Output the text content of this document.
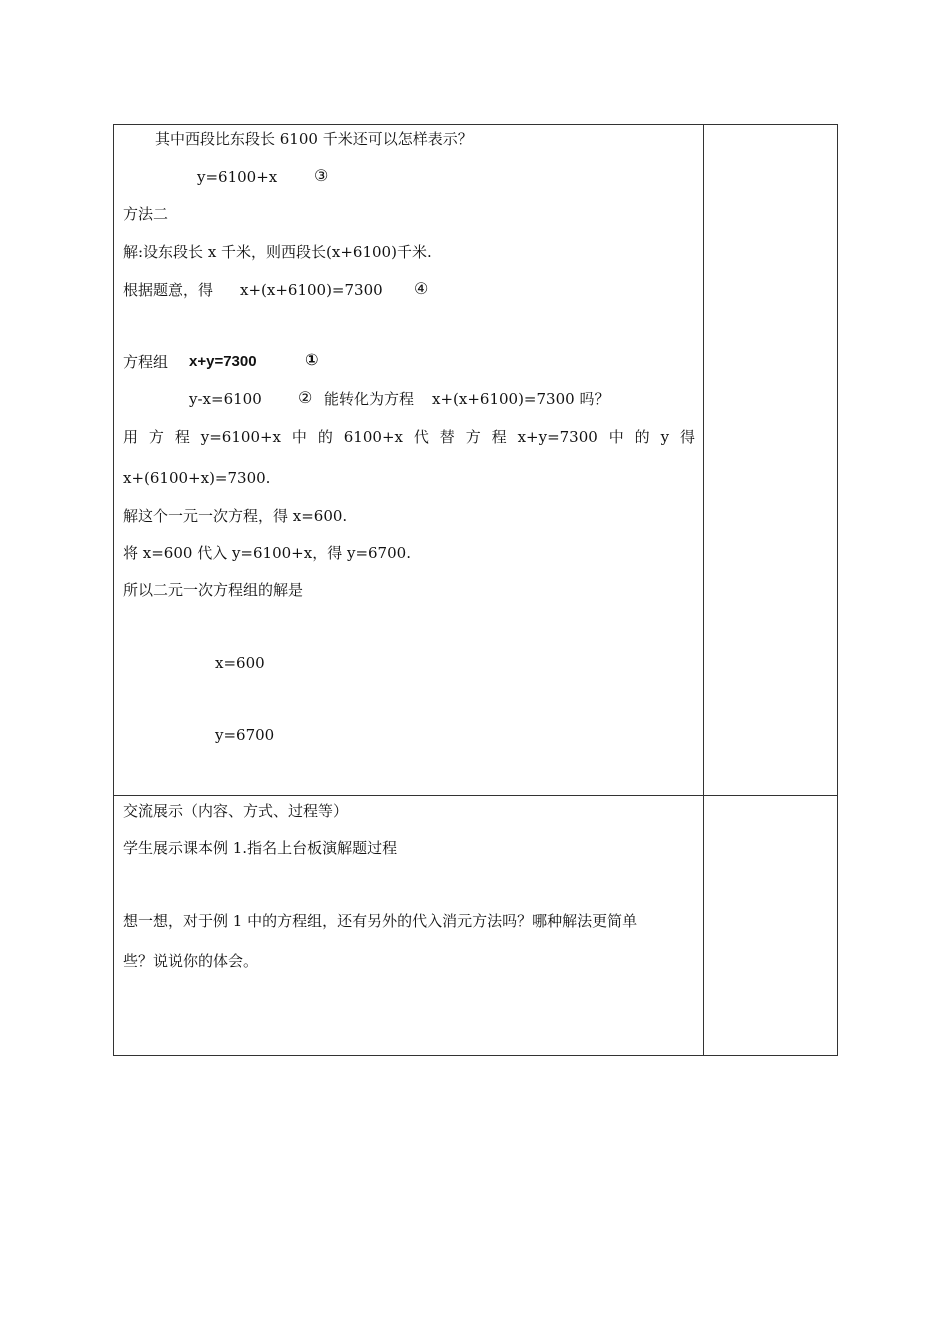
其中西段比东段长 6100 千米还可以怎样表示？
y=6100+x ③
方法二
解:设东段长 x 千米，则西段长(x+6100)千米.
根据题意，得 x+(x+6100)=7300 ④
方程组 x+y=7300	①
y-x=6100 ② 能转化为方程 x+(x+6100)=7300 吗？
用 方 程 y=6100+x 中 的 6100+x 代 替 方 程 x+y=7300 中 的 y 得
x+(6100+x)=7300.
解这个一元一次方程，得 x=600.
将 x=600 代入 y=6100+x，得 y=6700.
所以二元一次方程组的解是
x=600
y=6700
交流展示（内容、方式、过程等）
学生展示课本例 1.指名上台板演解题过程
想一想，对于例 1 中的方程组，还有另外的代入消元方法吗？哪种解法更简单
些？说说你的体会。
